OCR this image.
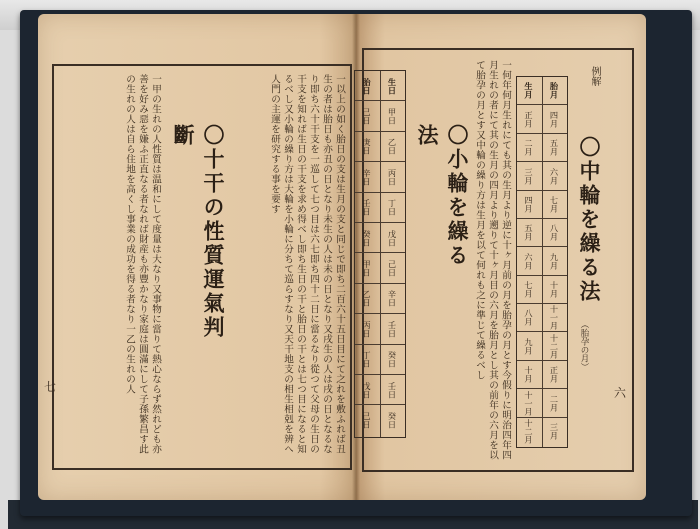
一以上の如く胎日の支は生月の支と同じで即ち二百六十五日目にて之れを敷ふれば丑生の者は胎日も亦丑の日となり未生の人は未の日となり又戌生の人は戌の日となるなり即ち六十干支を一巡して七つ目は六七即ち四十二日に當るなり從つて父母の生日の干支を知れば生日の干支を求め得べし即ち生日の干と胎日の干とは七つ目になると知るべし又小輪の繰り方は大輪を小輪に分ちて巡らすなり又天干地支の相生相剋を辨へ人門の主運を研究する事を要す
〇十干の性質運氣判斷
一甲の生れの人性質は温和にして度量は大なり又事物に當りて熱心ならず然れども亦善を好み惡を嫌ふ正直なる者なれば財産も亦豐かなり家庭は圓滿にして子孫繁昌す此の生れの人は自ら住地を高くし事業の成功を得る者なり一乙の生れの人
七
例解
胎月
四月
五月
六月
七月
八月
九月
十月
十一月
十二月
正月
二月
三月
生月
正月
二月
三月
四月
五月
六月
七月
八月
九月
十月
十一月
十二月
〇中輪を繰る法
（胎孕の月）
一何年何月生れにても其の生月より逆に十ヶ月前の月を胎孕の月とす今假りに明治四年四月生れの者にて其の生月の四月より遡りて十ヶ月目の六月を胎月とし其の前年の六月を以て胎孕の月とす又中輪の繰り方は生月を以て何れも之に準じて繰るべし
〇小輪を繰る法
生日
甲日
乙日
丙日
丁日
戊日
己日
辛日
壬日
癸日
壬日
癸日
胎日
己日
庚日
辛日
壬日
癸日
甲日
乙日
丙日
丁日
戊日
己日
六
